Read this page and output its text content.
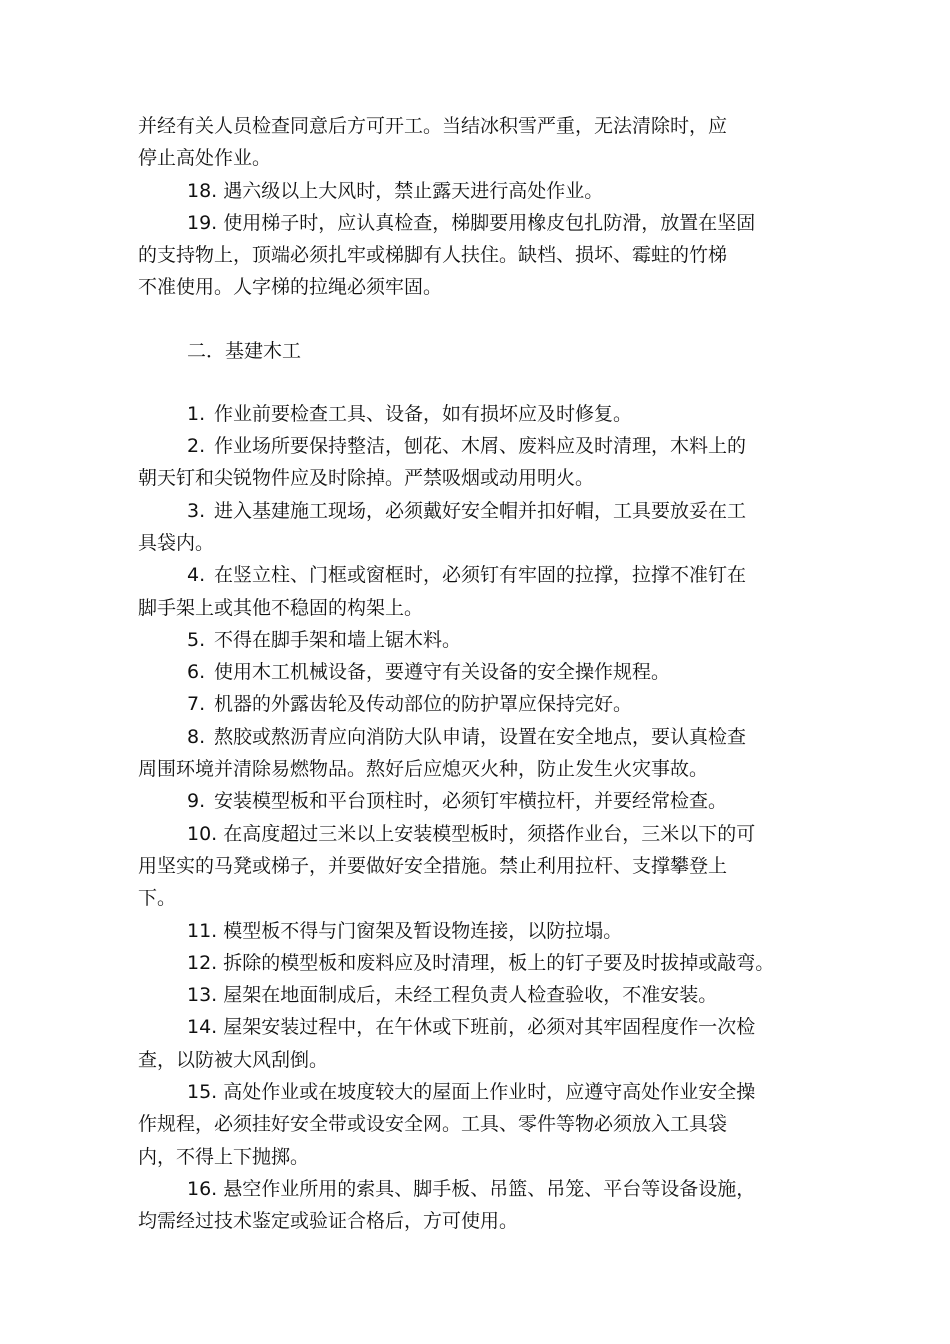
并经有关人员检查同意后方可开工。当结冰积雪严重，无法清除时，应

停止高处作业。

18. 遇六级以上大风时，禁止露天进行高处作业。

19. 使用梯子时，应认真检查，梯脚要用橡皮包扎防滑，放置在坚固

的支持物上，顶端必须扎牢或梯脚有人扶住。缺档、损坏、霉蛀的竹梯

不准使用。人字梯的拉绳必须牢固。

二．基建木工

1. 作业前要检查工具、设备，如有损坏应及时修复。

2. 作业场所要保持整洁，刨花、木屑、废料应及时清理，木料上的

朝天钉和尖锐物件应及时除掉。严禁吸烟或动用明火。

3. 进入基建施工现场，必须戴好安全帽并扣好帽，工具要放妥在工

具袋内。

4. 在竖立柱、门框或窗框时，必须钉有牢固的拉撑，拉撑不准钉在

脚手架上或其他不稳固的构架上。

5. 不得在脚手架和墙上锯木料。

6. 使用木工机械设备，要遵守有关设备的安全操作规程。

7. 机器的外露齿轮及传动部位的防护罩应保持完好。

8. 熬胶或熬沥青应向消防大队申请，设置在安全地点，要认真检查

周围环境并清除易燃物品。熬好后应熄灭火种，防止发生火灾事故。

9. 安装模型板和平台顶柱时，必须钉牢横拉杆，并要经常检查。

10. 在高度超过三米以上安装模型板时，须搭作业台，三米以下的可

用坚实的马凳或梯子，并要做好安全措施。禁止利用拉杆、支撑攀登上

下。

11. 模型板不得与门窗架及暂设物连接，以防拉塌。

12. 拆除的模型板和废料应及时清理，板上的钉子要及时拔掉或敲弯。

13. 屋架在地面制成后，未经工程负责人检查验收，不准安装。

14. 屋架安装过程中，在午休或下班前，必须对其牢固程度作一次检

查，以防被大风刮倒。

15. 高处作业或在坡度较大的屋面上作业时，应遵守高处作业安全操

作规程，必须挂好安全带或设安全网。工具、零件等物必须放入工具袋

内，不得上下抛掷。

16. 悬空作业所用的索具、脚手板、吊篮、吊笼、平台等设备设施，

均需经过技术鉴定或验证合格后，方可使用。
